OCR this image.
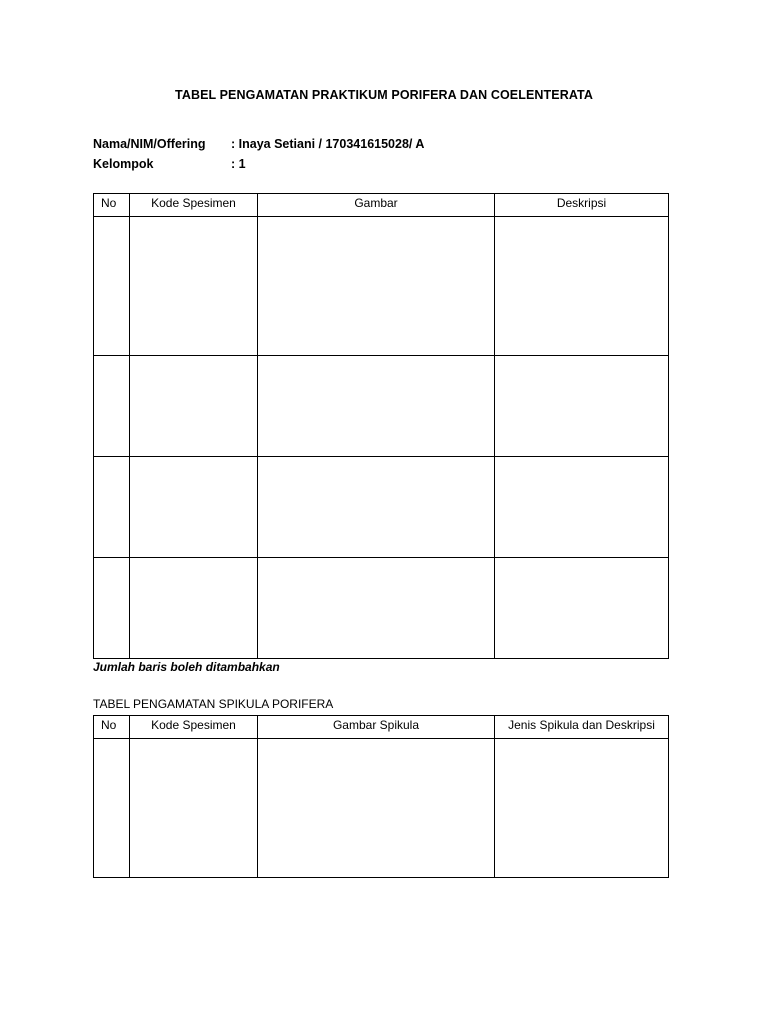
TABEL PENGAMATAN PRAKTIKUM PORIFERA DAN COELENTERATA
Nama/NIM/Offering : Inaya Setiani / 170341615028/ A
Kelompok	: 1
No	Kode Spesimen	Gambar	Deskripsi

Jumlah baris boleh ditambahkan
TABEL PENGAMATAN SPIKULA PORIFERA
No	Kode Spesimen	Gambar Spikula	Jenis Spikula dan Deskripsi
